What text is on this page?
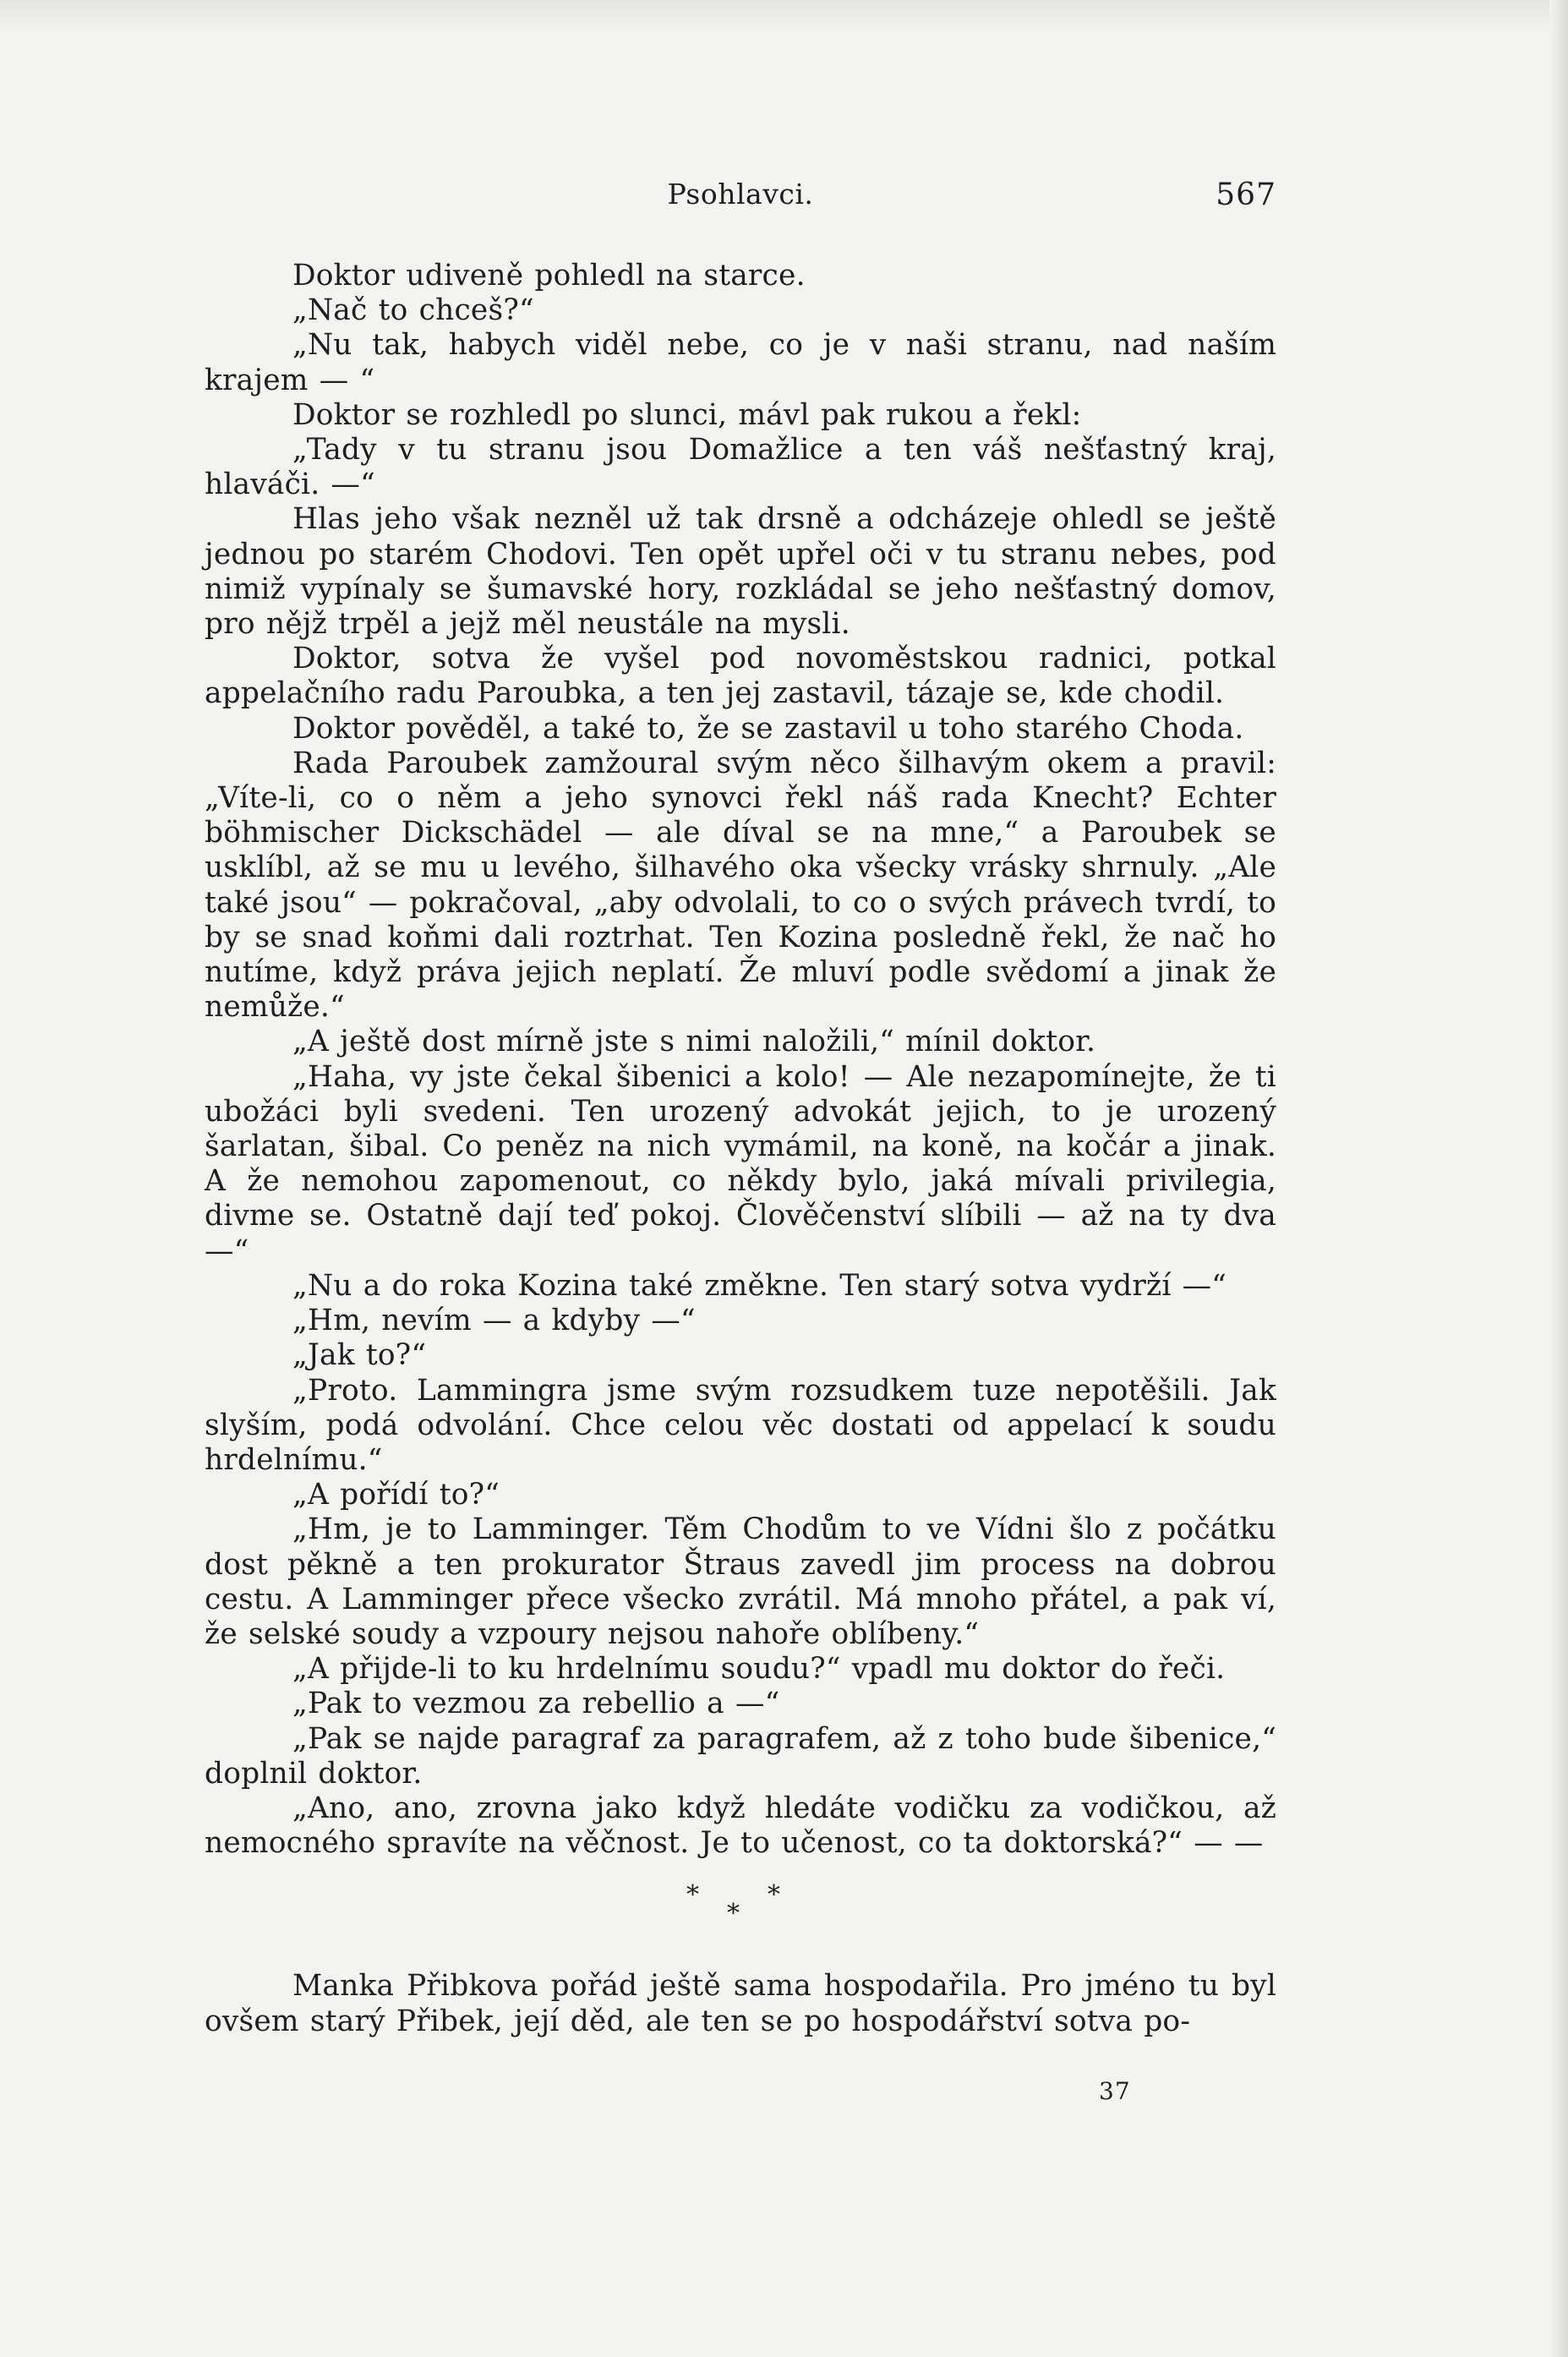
Psohlavci.	567

Doktor udiveně pohledl na starce.

„Nač to chceš?“

„Nu tak, habych viděl nebe, co je v naši stranu, nad naším krajem — “

Doktor se rozhledl po slunci, mávl pak rukou a řekl:

„Tady v tu stranu jsou Domažlice a ten váš nešťastný kraj, hlaváči. —“

Hlas jeho však nezněl už tak drsně a odcházeje ohledl se ještě jednou po starém Chodovi. Ten opět upřel oči v tu stranu nebes, pod nimiž vypínaly se šumavské hory, rozkládal se jeho nešťastný domov, pro nějž trpěl a jejž měl neustále na mysli.

Doktor, sotva že vyšel pod novoměstskou radnici, potkal appelačního radu Paroubka, a ten jej zastavil, tázaje se, kde chodil.

Doktor pověděl, a také to, že se zastavil u toho starého Choda.

Rada Paroubek zamžoural svým něco šilhavým okem a pravil: „Víte-li, co o něm a jeho synovci řekl náš rada Knecht? Echter böhmischer Dickschädel — ale díval se na mne,“ a Paroubek se usklíbl, až se mu u levého, šilhavého oka všecky vrásky shrnuly. „Ale také jsou“ — pokračoval, „aby odvolali, to co o svých právech tvrdí, to by se snad koňmi dali roztrhat. Ten Kozina posledně řekl, že nač ho nutíme, když práva jejich neplatí. Že mluví podle svědomí a jinak že nemůže.“

„A ještě dost mírně jste s nimi naložili,“ mínil doktor.

„Haha, vy jste čekal šibenici a kolo! — Ale nezapomínejte, že ti ubožáci byli svedeni. Ten urozený advokát jejich, to je urozený šarlatan, šibal. Co peněz na nich vymámil, na koně, na kočár a jinak. A že nemohou zapomenout, co někdy bylo, jaká mívali privilegia, divme se. Ostatně dají teď pokoj. Člověčenství slíbili — až na ty dva —“

„Nu a do roka Kozina také změkne. Ten starý sotva vydrží —“

„Hm, nevím — a kdyby —“

„Jak to?“

„Proto. Lammingra jsme svým rozsudkem tuze nepotěšili. Jak slyším, podá odvolání. Chce celou věc dostati od appelací k soudu hrdelnímu.“

„A pořídí to?“

„Hm, je to Lamminger. Těm Chodům to ve Vídni šlo z počátku dost pěkně a ten prokurator Štraus zavedl jim process na dobrou cestu. A Lamminger přece všecko zvrátil. Má mnoho přátel, a pak ví, že selské soudy a vzpoury nejsou nahoře oblíbeny.“

„A přijde-li to ku hrdelnímu soudu?“ vpadl mu doktor do řeči.

„Pak to vezmou za rebellio a —“

„Pak se najde paragraf za paragrafem, až z toho bude šibenice,“ doplnil doktor.

„Ano, ano, zrovna jako když hledáte vodičku za vodičkou, až nemocného spravíte na věčnost. Je to učenost, co ta doktorská?“ — —

*
*
*

Manka Přibkova pořád ještě sama hospodařila. Pro jméno tu byl ovšem starý Přibek, její děd, ale ten se po hospodářství sotva po-

37
